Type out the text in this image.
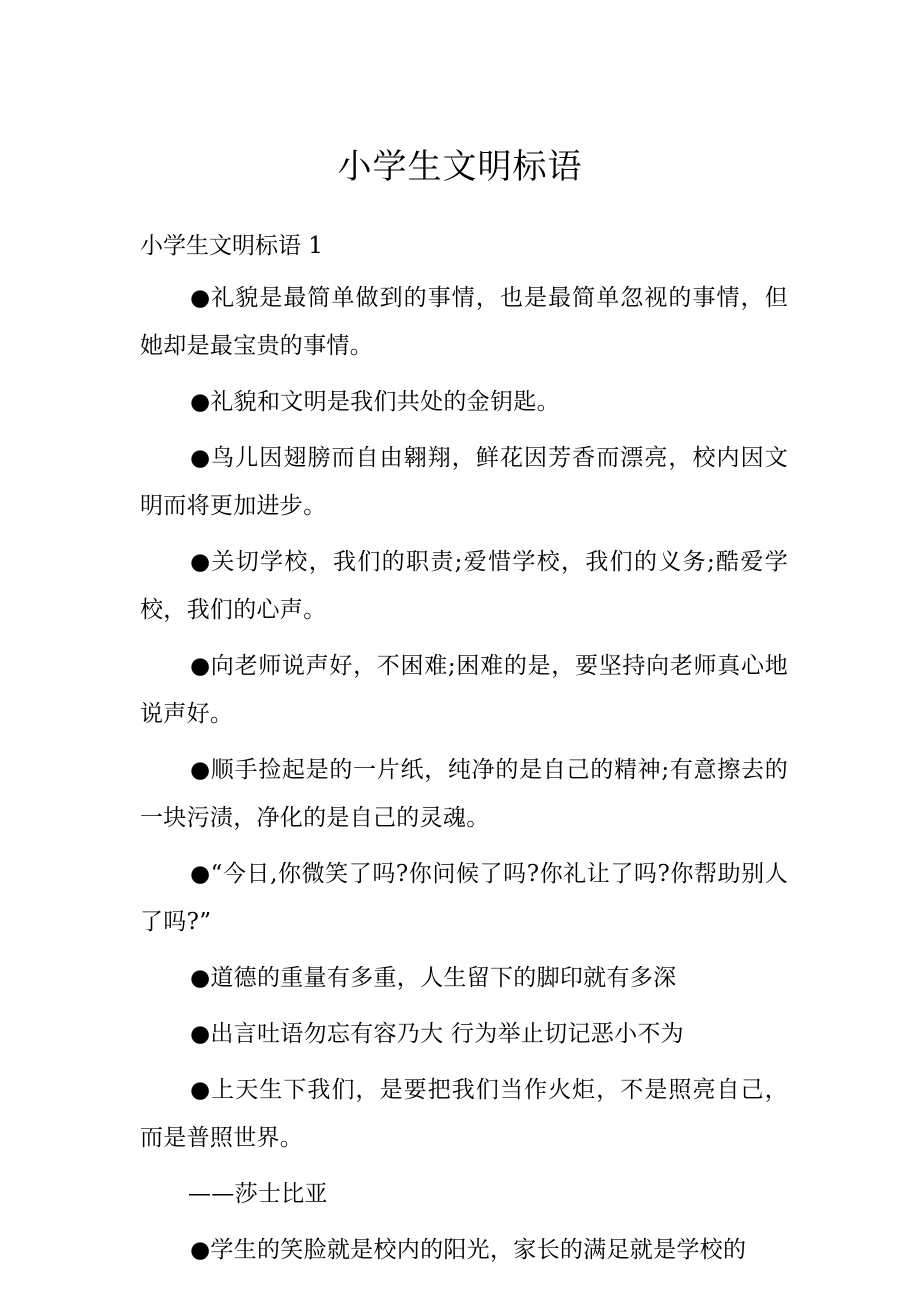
小学生文明标语
小学生文明标语 1

●礼貌是最简单做到的事情，也是最简单忽视的事情，但她却是最宝贵的事情。

●礼貌和文明是我们共处的金钥匙。

●鸟儿因翅膀而自由翱翔，鲜花因芳香而漂亮，校内因文明而将更加进步。

●关切学校，我们的职责;爱惜学校，我们的义务;酷爱学校，我们的心声。

●向老师说声好，不困难;困难的是，要坚持向老师真心地说声好。

●顺手捡起是的一片纸，纯净的是自己的精神;有意擦去的一块污渍，净化的是自己的灵魂。

●“今日,你微笑了吗?你问候了吗?你礼让了吗?你帮助别人了吗?”

●道德的重量有多重，人生留下的脚印就有多深

●出言吐语勿忘有容乃大 行为举止切记恶小不为

●上天生下我们，是要把我们当作火炬，不是照亮自己，而是普照世界。

——莎士比亚

●学生的笑脸就是校内的阳光，家长的满足就是学校的
